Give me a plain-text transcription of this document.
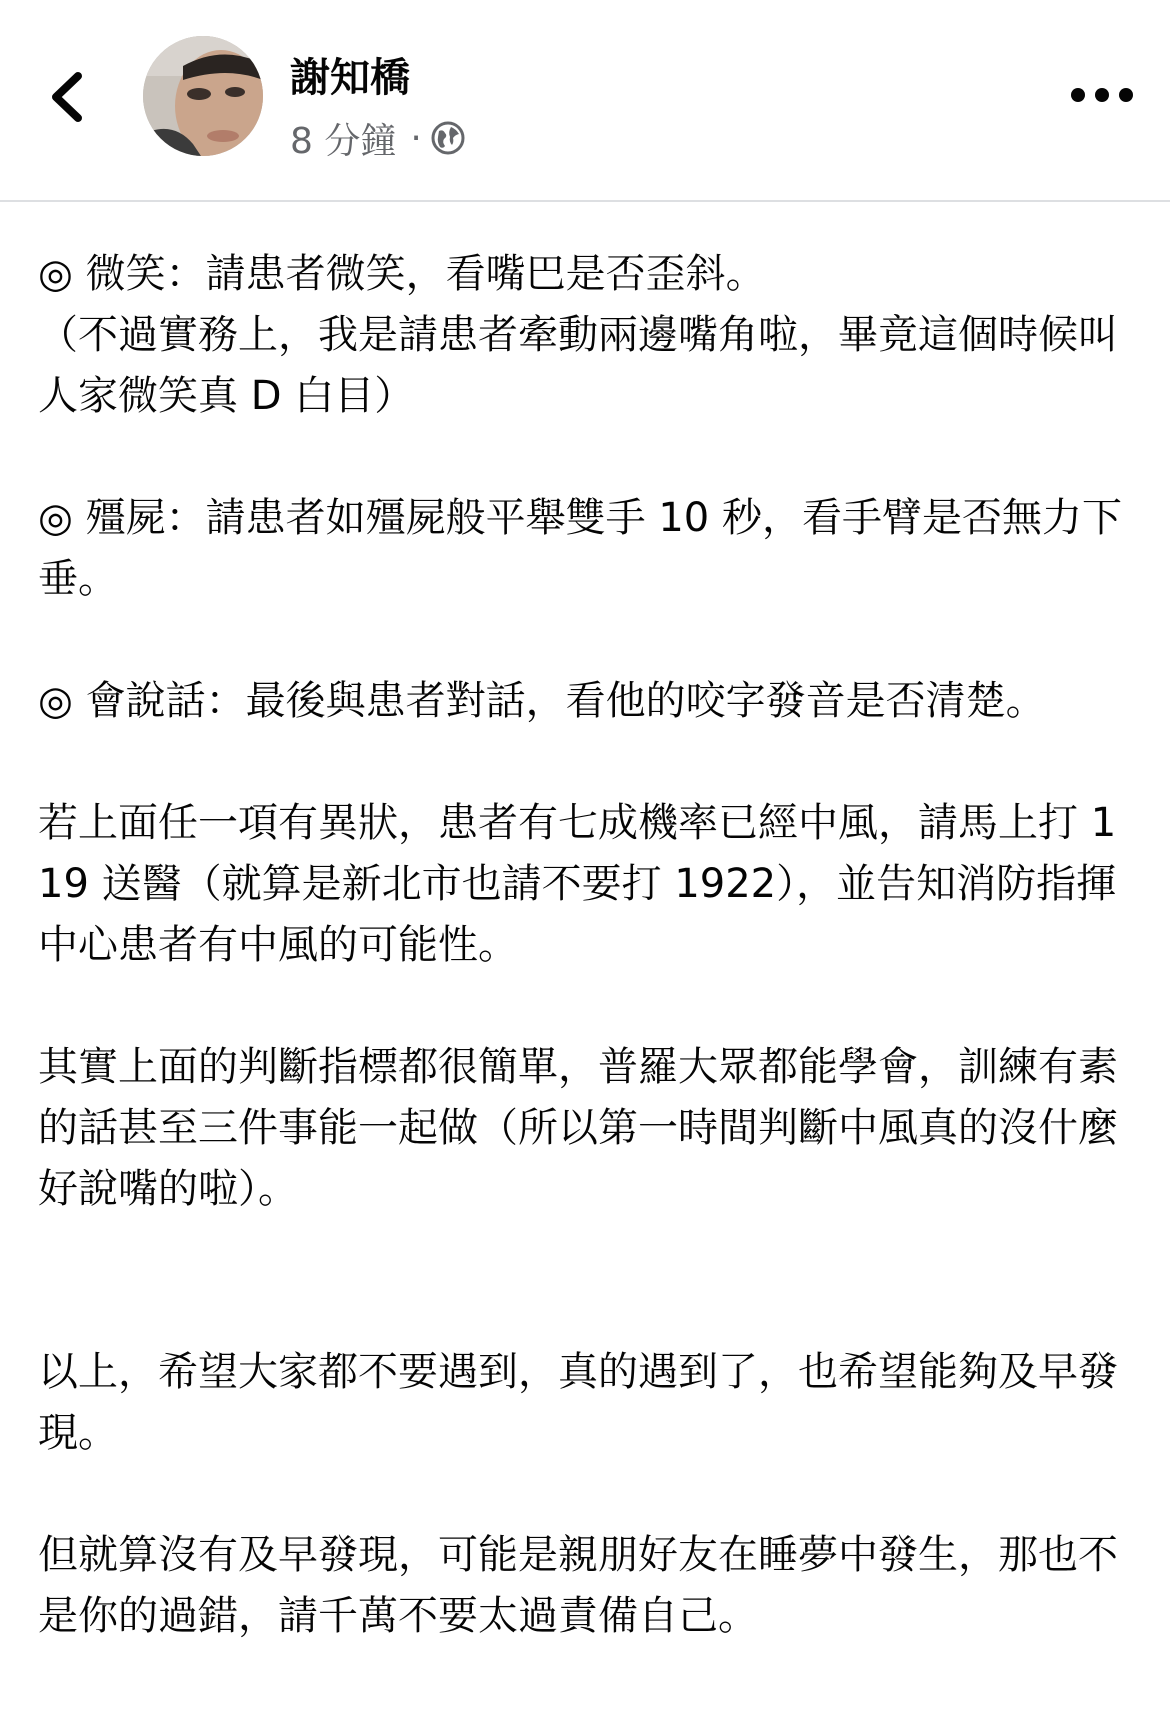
謝知橋
8 分鐘 ·

◎ 微笑：請患者微笑，看嘴巴是否歪斜。
（不過實務上，我是請患者牽動兩邊嘴角啦，畢竟這個時候叫人家微笑真 D 白目）

◎ 殭屍：請患者如殭屍般平舉雙手 10 秒，看手臂是否無力下垂。

◎ 會說話：最後與患者對話，看他的咬字發音是否清楚。

若上面任一項有異狀，患者有七成機率已經中風，請馬上打 119 送醫（就算是新北市也請不要打 1922），並告知消防指揮中心患者有中風的可能性。

其實上面的判斷指標都很簡單，普羅大眾都能學會，訓練有素的話甚至三件事能一起做（所以第一時間判斷中風真的沒什麼好說嘴的啦）。

以上，希望大家都不要遇到，真的遇到了，也希望能夠及早發現。

但就算沒有及早發現，可能是親朋好友在睡夢中發生，那也不是你的過錯，請千萬不要太過責備自己。
